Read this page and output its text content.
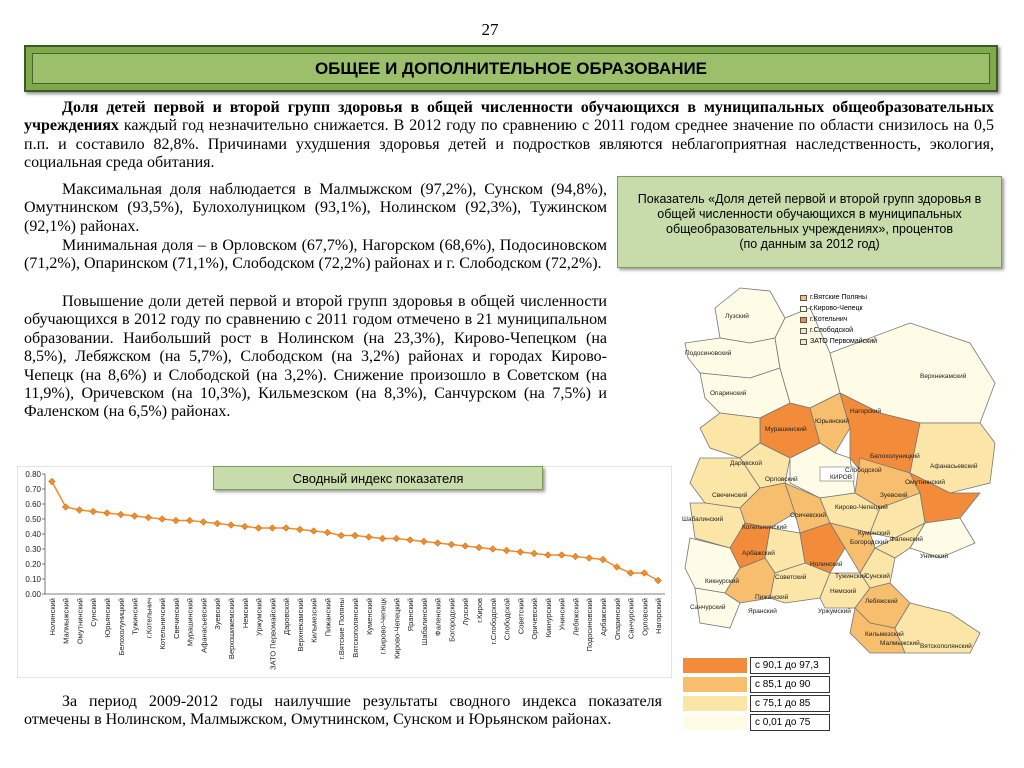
27
ОБЩЕЕ И ДОПОЛНИТЕЛЬНОЕ ОБРАЗОВАНИЕ

Доля детей первой и второй групп здоровья в общей численности обучающихся в муниципальных общеобразовательных учреждениях каждый год незначительно снижается. В 2012 году по сравнению с 2011 годом среднее значение по области снизилось на 0,5 п.п. и составило 82,8%. Причинами ухудшения здоровья детей и подростков являются неблагоприятная наследственность, экология, социальная среда обитания.

Максимальная доля наблюдается в Малмыжском (97,2%), Сунском (94,8%), Омутнинском (93,5%), Булохолуницком (93,1%), Нолинском (92,3%), Тужинском (92,1%) районах.

Минимальная доля – в Орловском (67,7%), Нагорском (68,6%), Подосиновском (71,2%), Опаринском (71,1%), Слободском (72,2%) районах и г. Слободском (72,2%).

Повышение доли детей первой и второй групп здоровья в общей численности обучающихся в 2012 году по сравнению с 2011 годом отмечено в 21 муниципальном образовании. Наибольший рост в Нолинском (на 23,3%), Кирово-Чепецком (на 8,5%), Лебяжском (на 5,7%), Слободском (на 3,2%) районах и городах Кирово-Чепецк (на 8,6%) и Слободской (на 3,2%). Снижение произошло в Советском (на 11,9%), Оричевском (на 10,3%), Кильмезском (на 8,3%), Санчурском (на 7,5%) и Фаленском (на 6,5%) районах.

Показатель «Доля детей первой и второй групп здоровья в общей численности обучающихся в муниципальных общеобразовательных учреждениях», процентов
(по данным за 2012 год)
0.00
0.10
0.20
0.30
0.40
0.50
0.60
0.70
0.80
Нолинский Малмыжский Омутнинский Сунский Юрьянский Белохолуницкий Тужинский г.Котельнич Котельничский Свечинский Мурашинский Афанасьевский Зуевский Верхошижемский Немский Уржумский ЗАТО Первомайский Даровской Верхнекамский Кильмезский Пижанский г.Вятские Поляны Вятскополянский Куменский г.Кирово-Чепецк Кирово-Чепецкий Яранский Шабалинский Фаленский Богородский Лузский г.Киров г.Слободской Слободской Советский Оричевский Кикнурский Унинский Лебяжский Подосиновский Арбажский Опаринский Санчурский Орловский Нагорский
Сводный индекс показателя
Лузский
Подосиновский
Верхнекамский
Опаринский
Нагорский
Мурашинский
Юрьянский
Белохолуницкий
Афанасьевский
Даровской
Слободской
Омутнинский
Орловский	КИРОВ
Свечинский
Кирово-Чепецкий
Зуевский
Оричевский
Шабалинский
Котельничский
Куменский
Фаленский
Богородский
Унинский
Арбажский
Нолинский
Советский	Тужинский
Сунский
Кикнурский
Яранский
Пижанский
Немский
Уржумский
Санчурский
Лебяжский
Кильмезский
Малмыжский Вятскополянский
г.Вятские Поляны
г.Кирово-Чепецк
г.Котельнич
г.Слободской
ЗАТО Первомайский
с 90,1 до 97,3
с 85,1 до 90
с 75,1 до 85
с 0,01 до 75

За период 2009-2012 годы наилучшие результаты сводного индекса показателя отмечены в Нолинском, Малмыжском, Омутнинском, Сунском и Юрьянском районах.
